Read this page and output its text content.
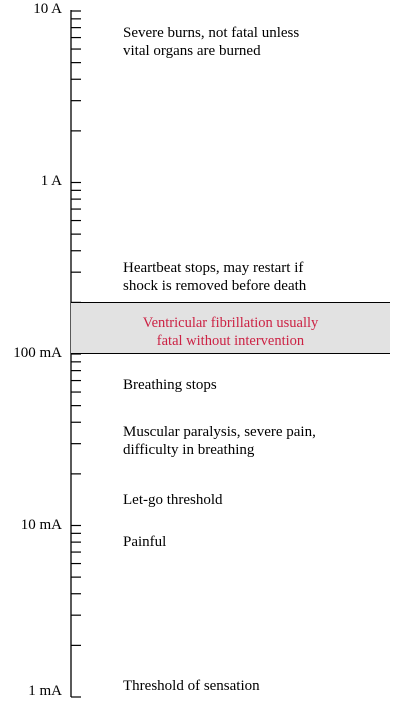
10 A
1 A
100 mA
10 mA
1 mA
Ventricular fibrillation usually
fatal without intervention
Severe burns, not fatal unless
vital organs are burned
Heartbeat stops, may restart if
shock is removed before death
Breathing stops
Muscular paralysis, severe pain,
difficulty in breathing
Let-go threshold
Painful
Threshold of sensation
